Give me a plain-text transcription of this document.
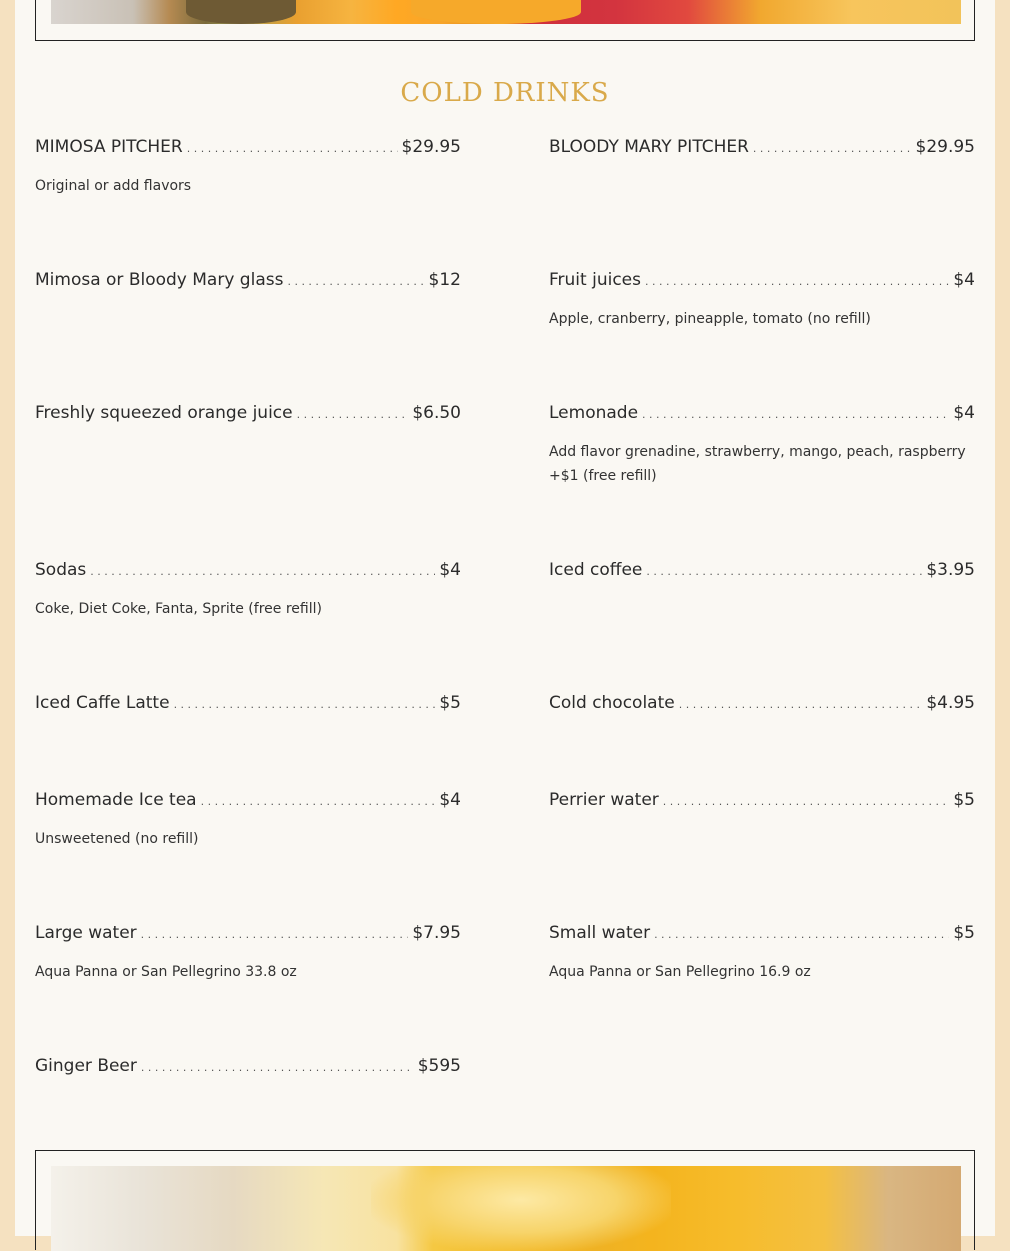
COLD DRINKS
MIMOSA PITCHER . . .	$29.95
Original or add flavors
Mimosa or Bloody Mary glass . . .	$12
Freshly squeezed orange juice . . .	$6.50
Sodas . . .	$4
Coke, Diet Coke, Fanta, Sprite (free refill)
Iced Caffe Latte . . .	$5
Homemade Ice tea . . .	$4
Unsweetened (no refill)
Large water . . .	$7.95
Aqua Panna or San Pellegrino 33.8 oz
Ginger Beer . . .	$595
BLOODY MARY PITCHER . . .	$29.95
Fruit juices . . .	$4
Apple, cranberry, pineapple, tomato (no refill)
Lemonade . . .	$4
Add flavor grenadine, strawberry, mango, peach, raspberry +$1 (free refill)
Iced coffee . . .	$3.95
Cold chocolate . . .	$4.95
Perrier water . . .	$5
Small water . . .	$5
Aqua Panna or San Pellegrino 16.9 oz
